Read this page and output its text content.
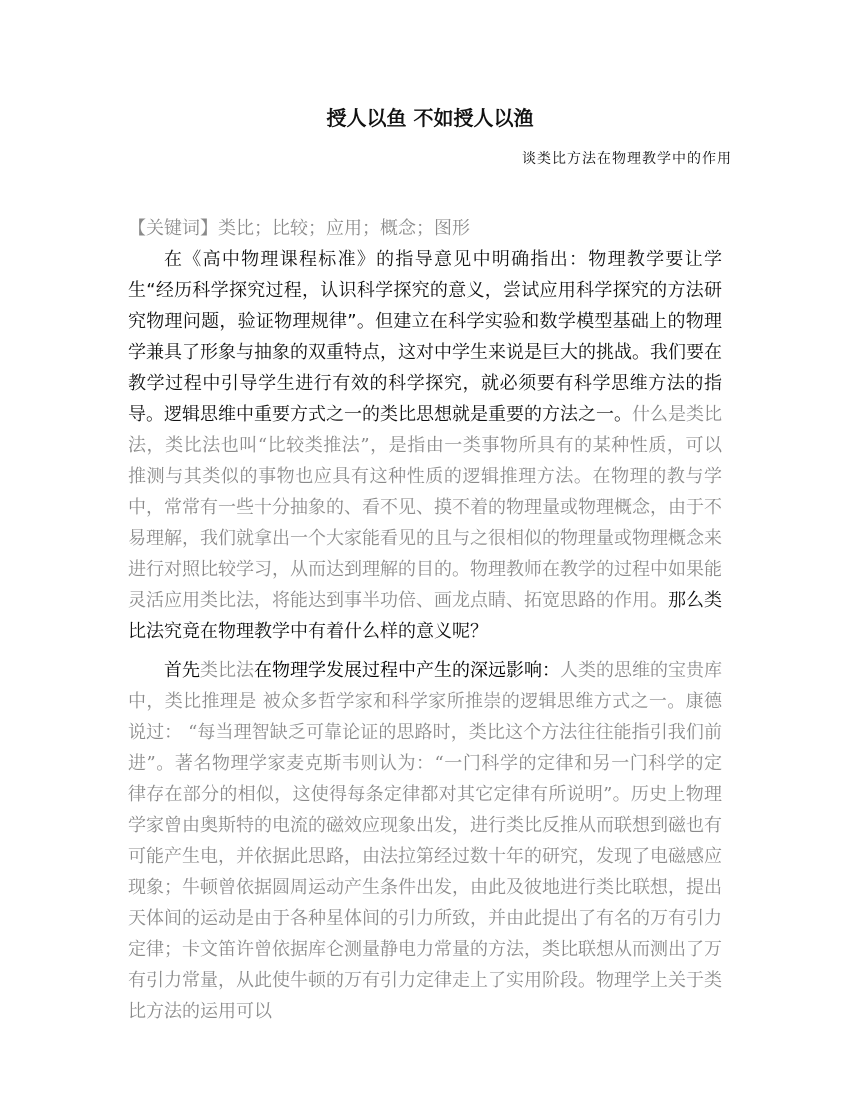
授人以鱼 不如授人以渔
谈类比方法在物理教学中的作用

【关键词】类比；比较；应用；概念；图形

在《高中物理课程标准》的指导意见中明确指出：物理教学要让学生“经历科学探究过程，认识科学探究的意义，尝试应用科学探究的方法研究物理问题，验证物理规律”。但建立在科学实验和数学模型基础上的物理学兼具了形象与抽象的双重特点，这对中学生来说是巨大的挑战。我们要在教学过程中引导学生进行有效的科学探究，就必须要有科学思维方法的指导。逻辑思维中重要方式之一的类比思想就是重要的方法之一。什么是类比法，类比法也叫“比较类推法”，是指由一类事物所具有的某种性质，可以推测与其类似的事物也应具有这种性质的逻辑推理方法。在物理的教与学中，常常有一些十分抽象的、看不见、摸不着的物理量或物理概念，由于不易理解，我们就拿出一个大家能看见的且与之很相似的物理量或物理概念来进行对照比较学习，从而达到理解的目的。物理教师在教学的过程中如果能灵活应用类比法，将能达到事半功倍、画龙点睛、拓宽思路的作用。那么类比法究竟在物理教学中有着什么样的意义呢？

首先类比法在物理学发展过程中产生的深远影响：人类的思维的宝贵库中，类比推理是 被众多哲学家和科学家所推崇的逻辑思维方式之一。康德说过： “每当理智缺乏可靠论证的思路时，类比这个方法往往能指引我们前进”。著名物理学家麦克斯韦则认为：“一门科学的定律和另一门科学的定律存在部分的相似，这使得每条定律都对其它定律有所说明”。历史上物理学家曾由奥斯特的电流的磁效应现象出发，进行类比反推从而联想到磁也有可能产生电，并依据此思路，由法拉第经过数十年的研究，发现了电磁感应现象；牛顿曾依据圆周运动产生条件出发，由此及彼地进行类比联想，提出天体间的运动是由于各种星体间的引力所致，并由此提出了有名的万有引力定律；卡文笛许曾依据库仑测量静电力常量的方法，类比联想从而测出了万有引力常量，从此使牛顿的万有引力定律走上了实用阶段。物理学上关于类比方法的运用可以
